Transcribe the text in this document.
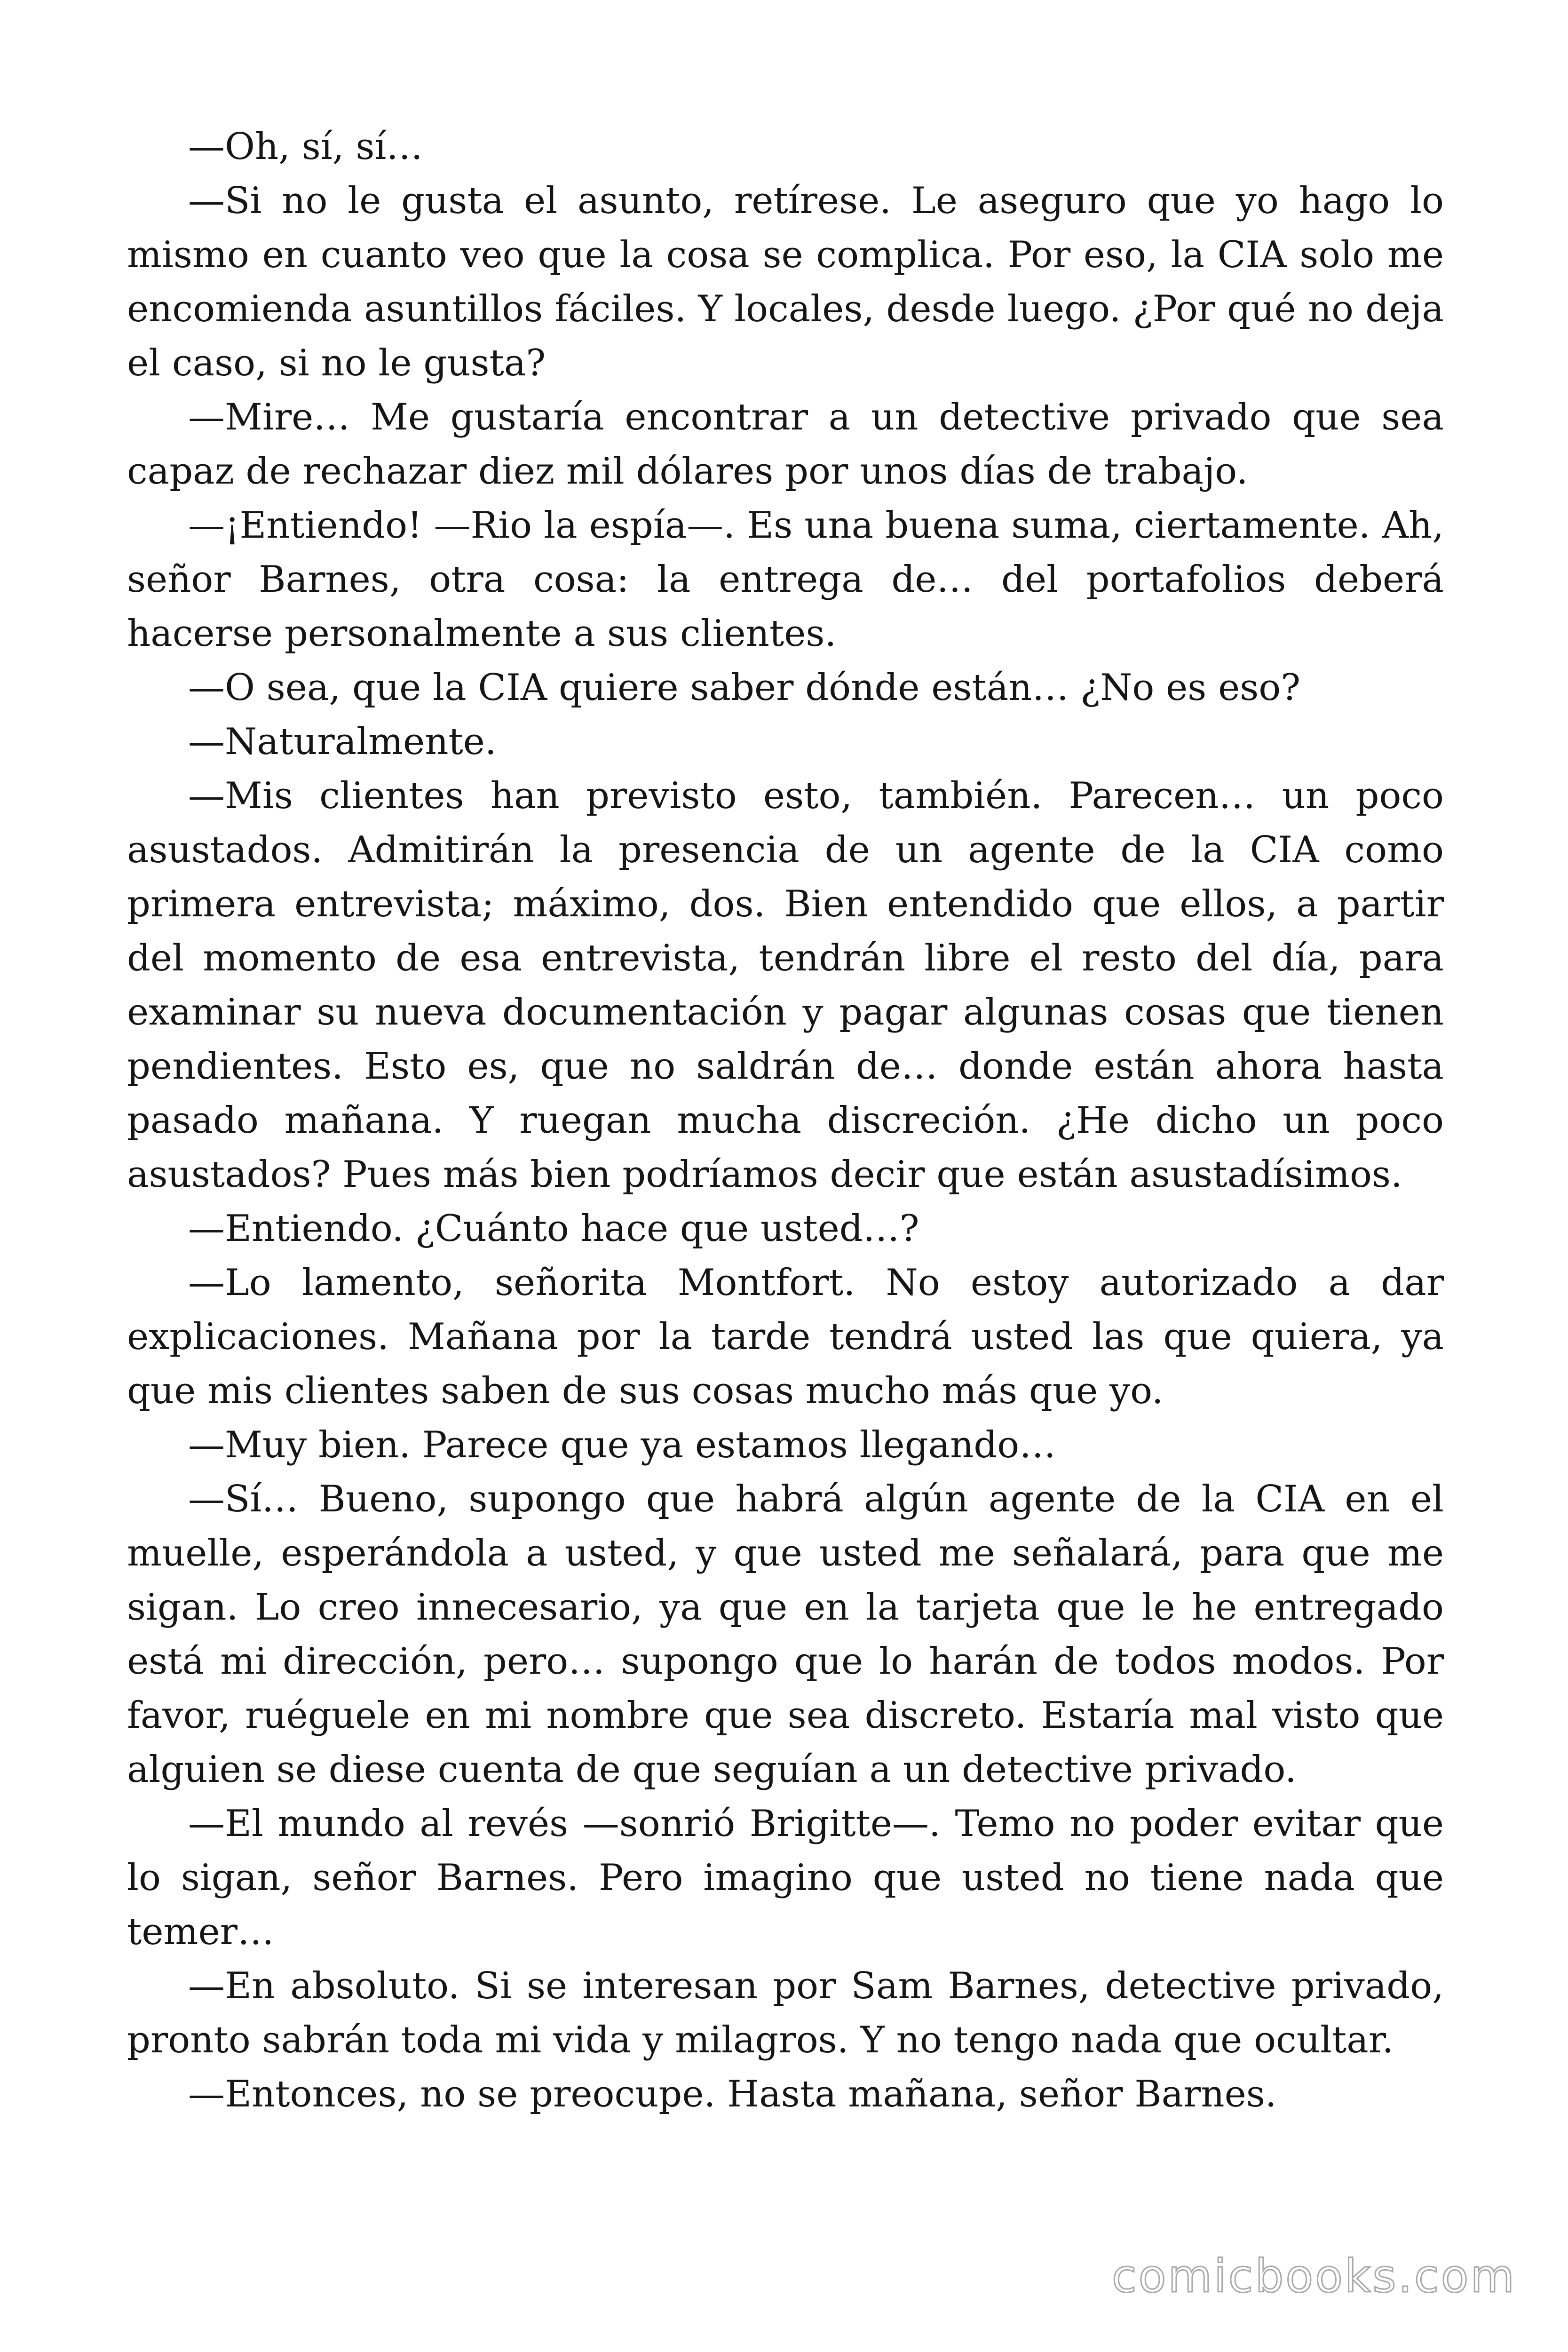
—Oh, sí, sí…

—Si no le gusta el asunto, retírese. Le aseguro que yo hago lo mismo en cuanto veo que la cosa se complica. Por eso, la CIA solo me encomienda asuntillos fáciles. Y locales, desde luego. ¿Por qué no deja el caso, si no le gusta?

—Mire… Me gustaría encontrar a un detective privado que sea capaz de rechazar diez mil dólares por unos días de trabajo.

—¡Entiendo! —Rio la espía—. Es una buena suma, ciertamente. Ah, señor Barnes, otra cosa: la entrega de… del portafolios deberá hacerse personalmente a sus clientes.

—O sea, que la CIA quiere saber dónde están… ¿No es eso?

—Naturalmente.

—Mis clientes han previsto esto, también. Parecen… un poco asustados. Admitirán la presencia de un agente de la CIA como primera entrevista; máximo, dos. Bien entendido que ellos, a partir del momento de esa entrevista, tendrán libre el resto del día, para examinar su nueva documentación y pagar algunas cosas que tienen pendientes. Esto es, que no saldrán de… donde están ahora hasta pasado mañana. Y ruegan mucha discreción. ¿He dicho un poco asustados? Pues más bien podríamos decir que están asustadísimos.

—Entiendo. ¿Cuánto hace que usted…?

—Lo lamento, señorita Montfort. No estoy autorizado a dar explicaciones. Mañana por la tarde tendrá usted las que quiera, ya que mis clientes saben de sus cosas mucho más que yo.

—Muy bien. Parece que ya estamos llegando…

—Sí… Bueno, supongo que habrá algún agente de la CIA en el muelle, esperándola a usted, y que usted me señalará, para que me sigan. Lo creo innecesario, ya que en la tarjeta que le he entregado está mi dirección, pero… supongo que lo harán de todos modos. Por favor, ruéguele en mi nombre que sea discreto. Estaría mal visto que alguien se diese cuenta de que seguían a un detective privado.

—El mundo al revés —sonrió Brigitte—. Temo no poder evitar que lo sigan, señor Barnes. Pero imagino que usted no tiene nada que temer…

—En absoluto. Si se interesan por Sam Barnes, detective privado, pronto sabrán toda mi vida y milagros. Y no tengo nada que ocultar.

—Entonces, no se preocupe. Hasta mañana, señor Barnes.

comicbooks.com
